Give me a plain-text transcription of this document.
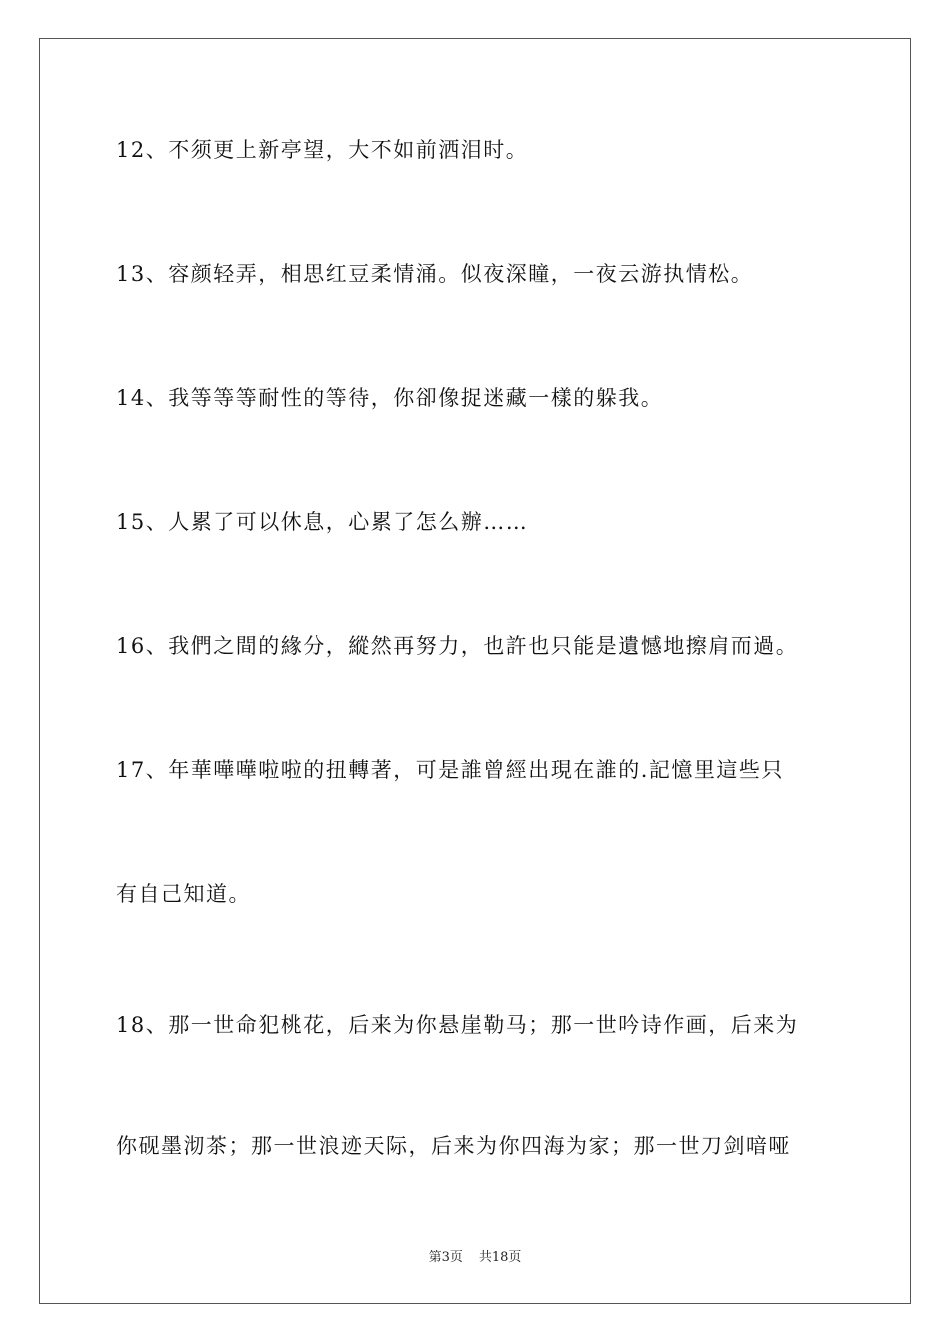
12、不须更上新亭望，大不如前洒泪时。
13、容颜轻弄，相思红豆柔情涌。似夜深瞳，一夜云游执情松。
14、我等等等耐性的等待，你卻像捉迷藏一樣的躲我。
15、人累了可以休息，心累了怎么辦……
16、我們之間的緣分，縱然再努力，也許也只能是遺憾地擦肩而過。
17、年華嘩嘩啦啦的扭轉著，可是誰曾經出現在誰的.記憶里這些只
有自己知道。
18、那一世命犯桃花，后来为你悬崖勒马；那一世吟诗作画，后来为
你砚墨沏茶；那一世浪迹天际，后来为你四海为家；那一世刀剑喑哑
第3页 共18页
